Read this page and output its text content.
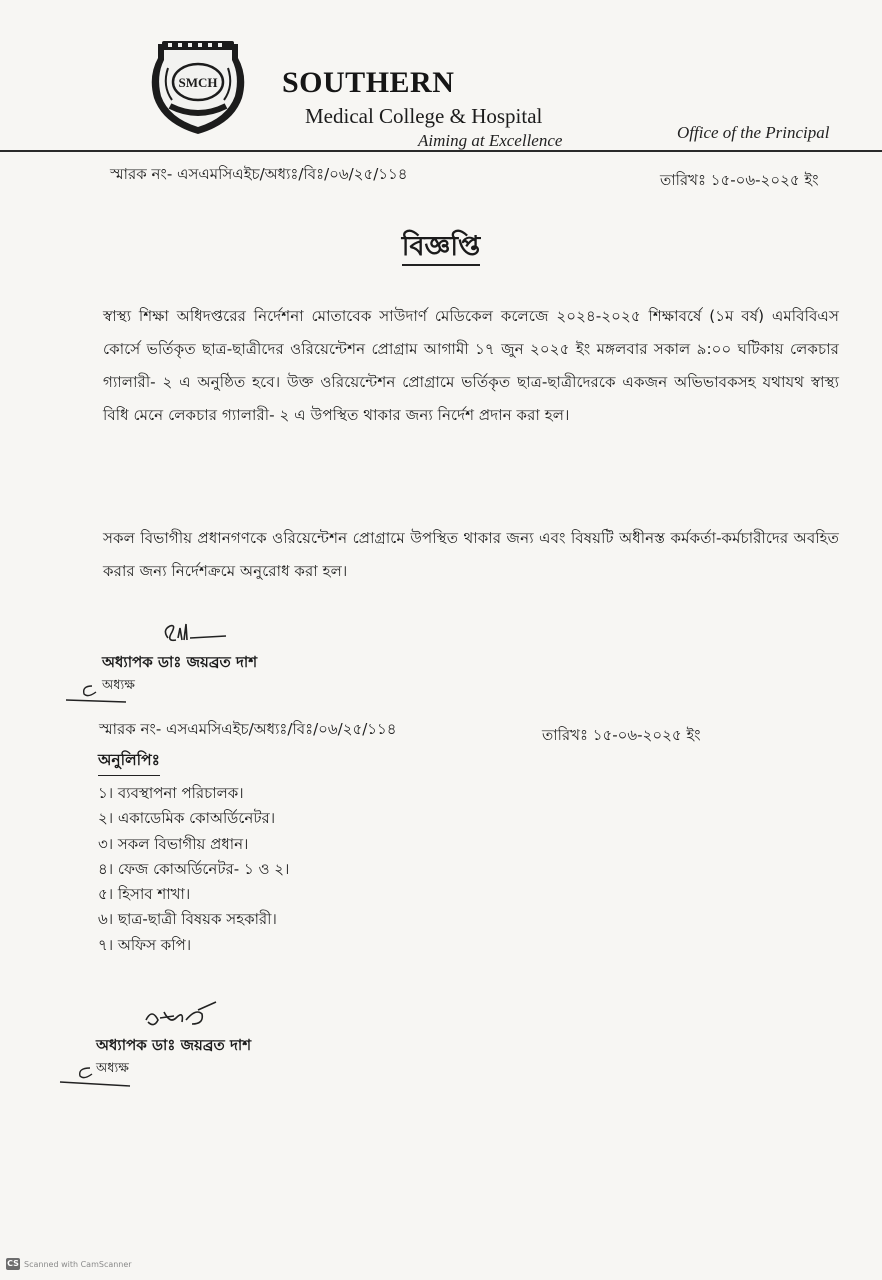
SMCH SOUTHERN
Medical College & Hospital
Aiming at Excellence	Office of the Principal
স্মারক নং- এসএমসিএইচ/অধ্যঃ/বিঃ/০৬/২৫/১১৪	তারিখঃ ১৫-০৬-২০২৫ ইং
বিজ্ঞপ্তি

স্বাস্থ্য শিক্ষা অধিদপ্তরের নির্দেশনা মোতাবেক সাউদার্ণ মেডিকেল কলেজে ২০২৪-২০২৫ শিক্ষাবর্ষে (১ম বর্ষ) এমবিবিএস কোর্সে ভর্তিকৃত ছাত্র-ছাত্রীদের ওরিয়েন্টেশন প্রোগ্রাম আগামী ১৭ জুন ২০২৫ ইং মঙ্গলবার সকাল ৯:০০ ঘটিকায় লেকচার গ্যালারী- ২ এ অনুষ্ঠিত হবে। উক্ত ওরিয়েন্টেশন প্রোগ্রামে ভর্তিকৃত ছাত্র-ছাত্রীদেরকে একজন অভিভাবকসহ যথাযথ স্বাস্থ্য বিধি মেনে লেকচার গ্যালারী- ২ এ উপস্থিত থাকার জন্য নির্দেশ প্রদান করা হল।

সকল বিভাগীয় প্রধানগণকে ওরিয়েন্টেশন প্রোগ্রামে উপস্থিত থাকার জন্য এবং বিষয়টি অধীনস্ত কর্মকর্তা-কর্মচারীদের অবহিত করার জন্য নির্দেশক্রমে অনুরোধ করা হল।

অধ্যাপক ডাঃ জয়ব্রত দাশ
অধ্যক্ষ
স্মারক নং- এসএমসিএইচ/অধ্যঃ/বিঃ/০৬/২৫/১১৪	তারিখঃ ১৫-০৬-২০২৫ ইং
অনুলিপিঃ
১। ব্যবস্থাপনা পরিচালক।
২। একাডেমিক কোঅর্ডিনেটর।
৩। সকল বিভাগীয় প্রধান।
৪। ফেজ কোঅর্ডিনেটর- ১ ও ২।
৫। হিসাব শাখা।
৬। ছাত্র-ছাত্রী বিষয়ক সহকারী।
৭। অফিস কপি।
অধ্যাপক ডাঃ জয়ব্রত দাশ
অধ্যক্ষ
CS Scanned with CamScanner
